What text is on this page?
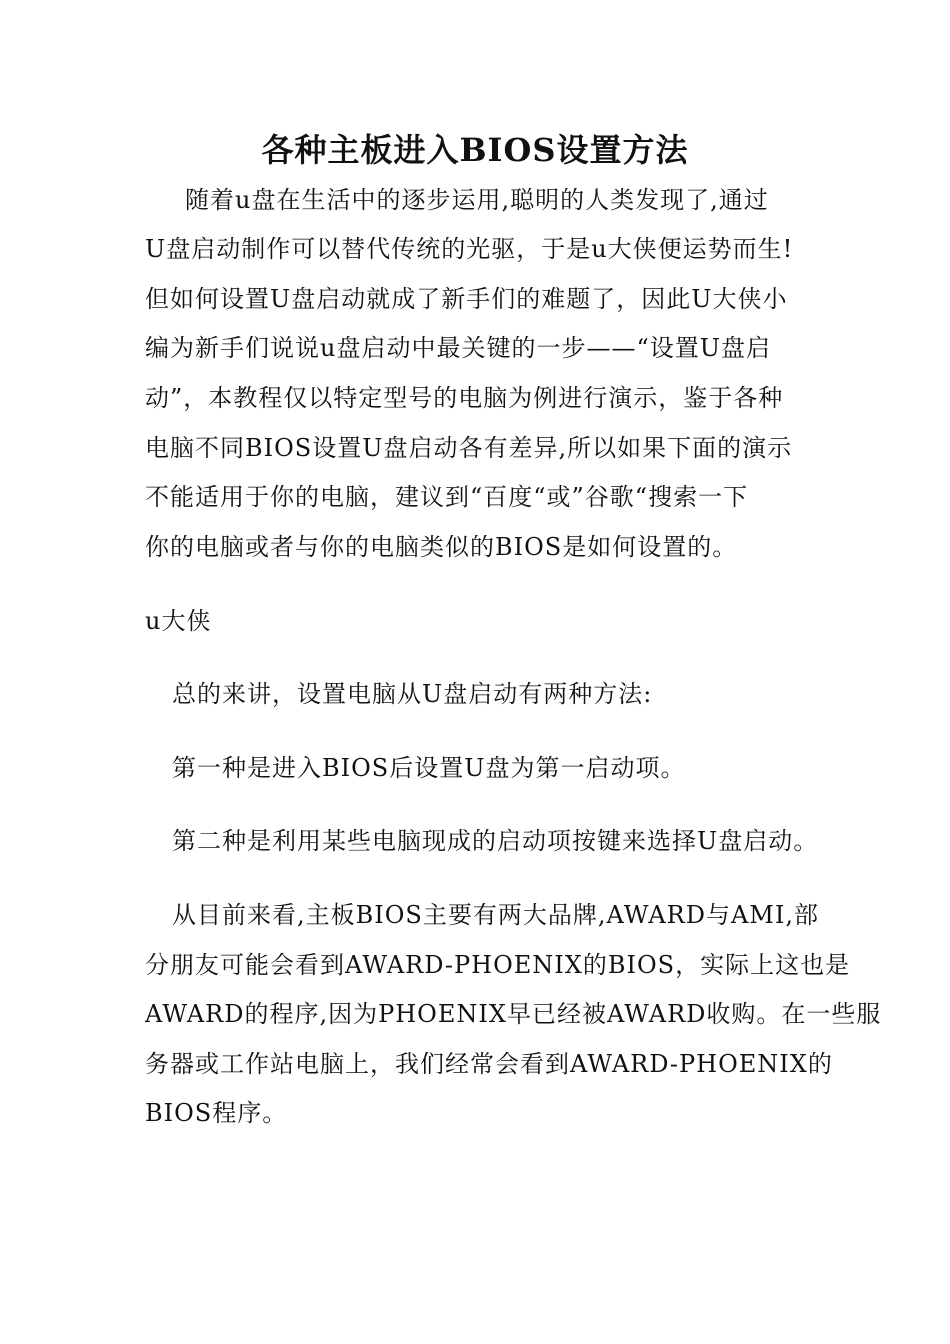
各种主板进入BIOS设置方法

随着u盘在生活中的逐步运用,聪明的人类发现了,通过

U盘启动制作可以替代传统的光驱，于是u大侠便运势而生!

但如何设置U盘启动就成了新手们的难题了，因此U大侠小

编为新手们说说u盘启动中最关键的一步——“设置U盘启

动”，本教程仅以特定型号的电脑为例进行演示，鉴于各种

电脑不同BIOS设置U盘启动各有差异,所以如果下面的演示

不能适用于你的电脑，建议到“百度“或”谷歌“搜索一下

你的电脑或者与你的电脑类似的BIOS是如何设置的。

u大侠

总的来讲，设置电脑从U盘启动有两种方法:

第一种是进入BIOS后设置U盘为第一启动项。

第二种是利用某些电脑现成的启动项按键来选择U盘启动。

从目前来看,主板BIOS主要有两大品牌,AWARD与AMI,部

分朋友可能会看到AWARD-PHOENIX的BIOS，实际上这也是

AWARD的程序,因为PHOENIX早已经被AWARD收购。在一些服

务器或工作站电脑上，我们经常会看到AWARD-PHOENIX的

BIOS程序。
